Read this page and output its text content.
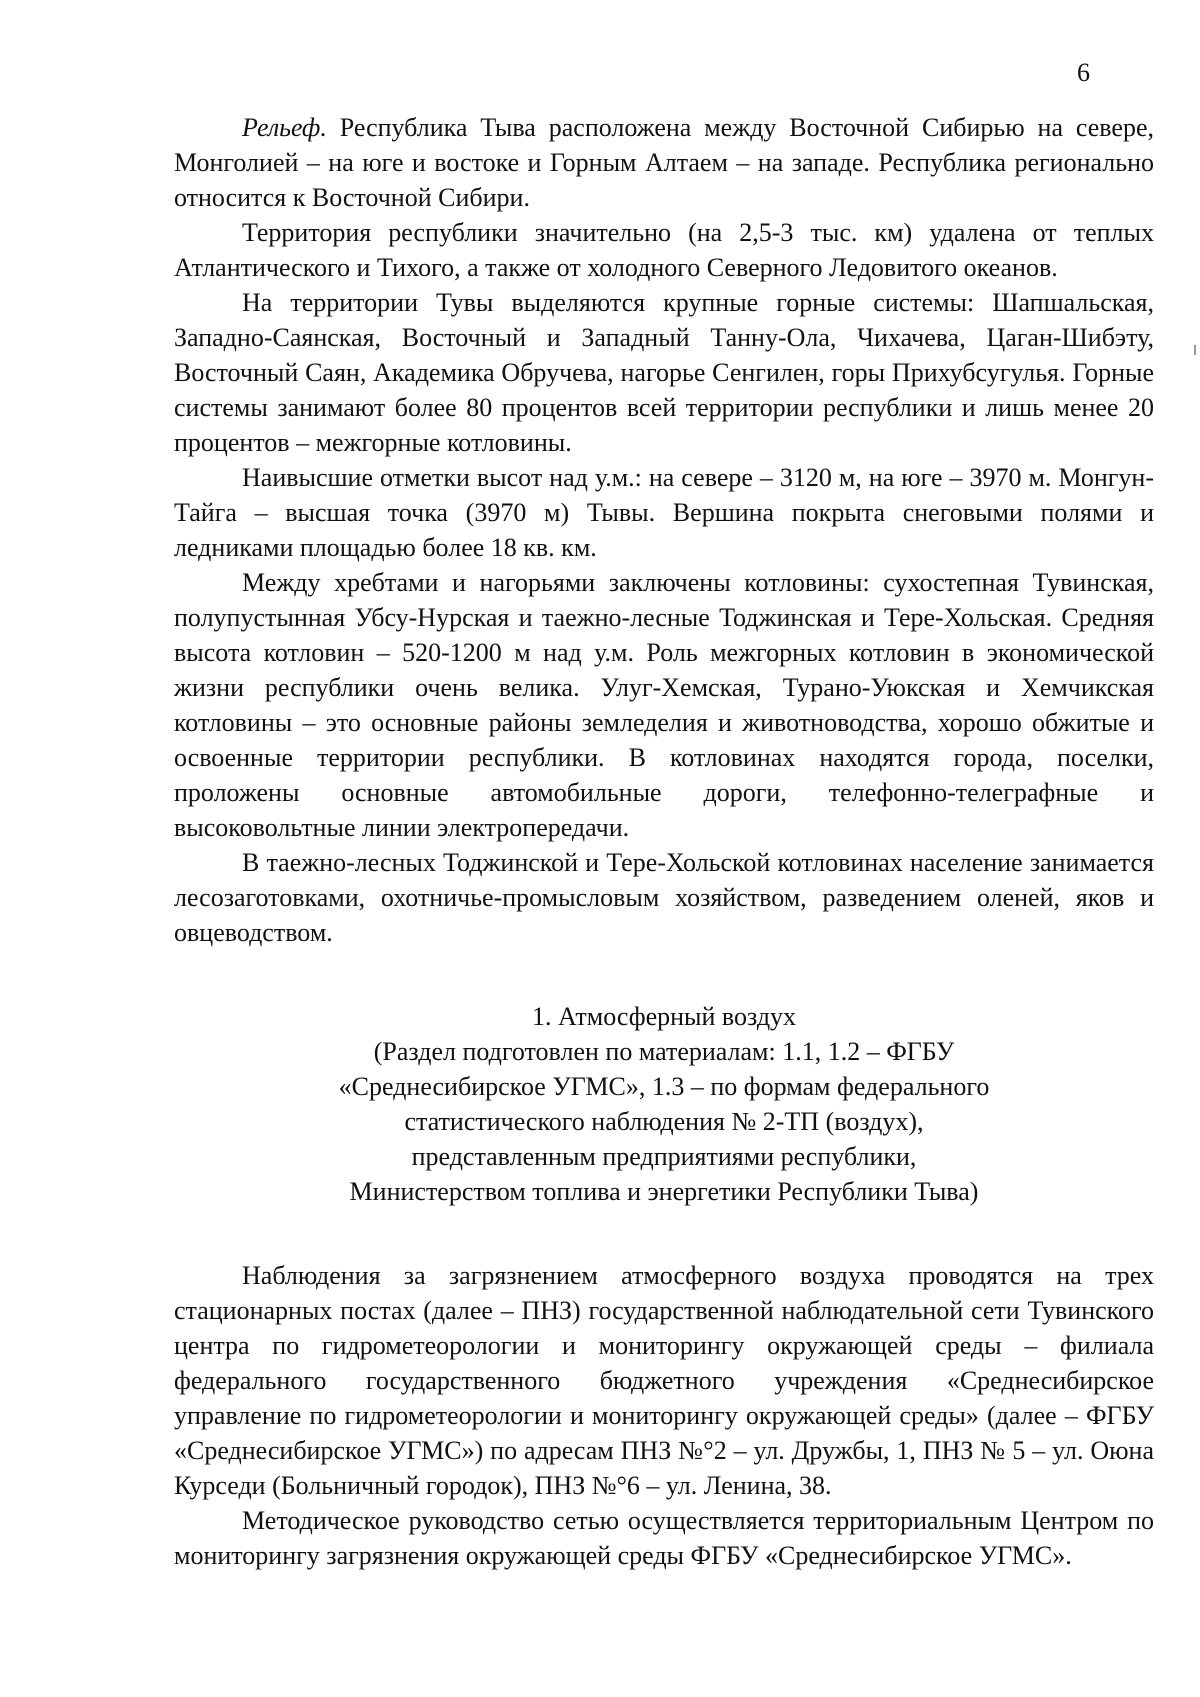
6

Рельеф. Республика Тыва расположена между Восточной Сибирью на севере, Монголией – на юге и востоке и Горным Алтаем – на западе. Республика регионально относится к Восточной Сибири.

Территория республики значительно (на 2,5-3 тыс. км) удалена от теплых Атлантического и Тихого, а также от холодного Северного Ледовитого океанов.

На территории Тувы выделяются крупные горные системы: Шапшальская, Западно-Саянская, Восточный и Западный Танну-Ола, Чихачева, Цаган-Шибэту, Восточный Саян, Академика Обручева, нагорье Сенгилен, горы Прихубсугулья. Горные системы занимают более 80 процентов всей территории республики и лишь менее 20 процентов – межгорные котловины.

Наивысшие отметки высот над у.м.: на севере – 3120 м, на юге – 3970 м. Монгун-Тайга – высшая точка (3970 м) Тывы. Вершина покрыта снеговыми полями и ледниками площадью более 18 кв. км.

Между хребтами и нагорьями заключены котловины: сухостепная Тувинская, полупустынная Убсу-Нурская и таежно-лесные Тоджинская и Тере-Хольская. Средняя высота котловин – 520-1200 м над у.м. Роль межгорных котловин в экономической жизни республики очень велика. Улуг-Хемская, Турано-Уюкская и Хемчикская котловины – это основные районы земледелия и животноводства, хорошо обжитые и освоенные территории республики. В котловинах находятся города, поселки, проложены основные автомобильные дороги, телефонно-телеграфные и высоковольтные линии электропередачи.

В таежно-лесных Тоджинской и Тере-Хольской котловинах население занимается лесозаготовками, охотничье-промысловым хозяйством, разведением оленей, яков и овцеводством.

1. Атмосферный воздух
(Раздел подготовлен по материалам: 1.1, 1.2 – ФГБУ
«Среднесибирское УГМС», 1.3 – по формам федерального
статистического наблюдения № 2-ТП (воздух),
представленным предприятиями республики,
Министерством топлива и энергетики Республики Тыва)

Наблюдения за загрязнением атмосферного воздуха проводятся на трех стационарных постах (далее – ПНЗ) государственной наблюдательной сети Тувинского центра по гидрометеорологии и мониторингу окружающей среды – филиала федерального государственного бюджетного учреждения «Среднесибирское управление по гидрометеорологии и мониторингу окружающей среды» (далее – ФГБУ «Среднесибирское УГМС») по адресам ПНЗ №°2 – ул. Дружбы, 1, ПНЗ № 5 – ул. Оюна Курседи (Больничный городок), ПНЗ №°6 – ул. Ленина, 38.

Методическое руководство сетью осуществляется территориальным Центром по мониторингу загрязнения окружающей среды ФГБУ «Среднесибирское УГМС».
